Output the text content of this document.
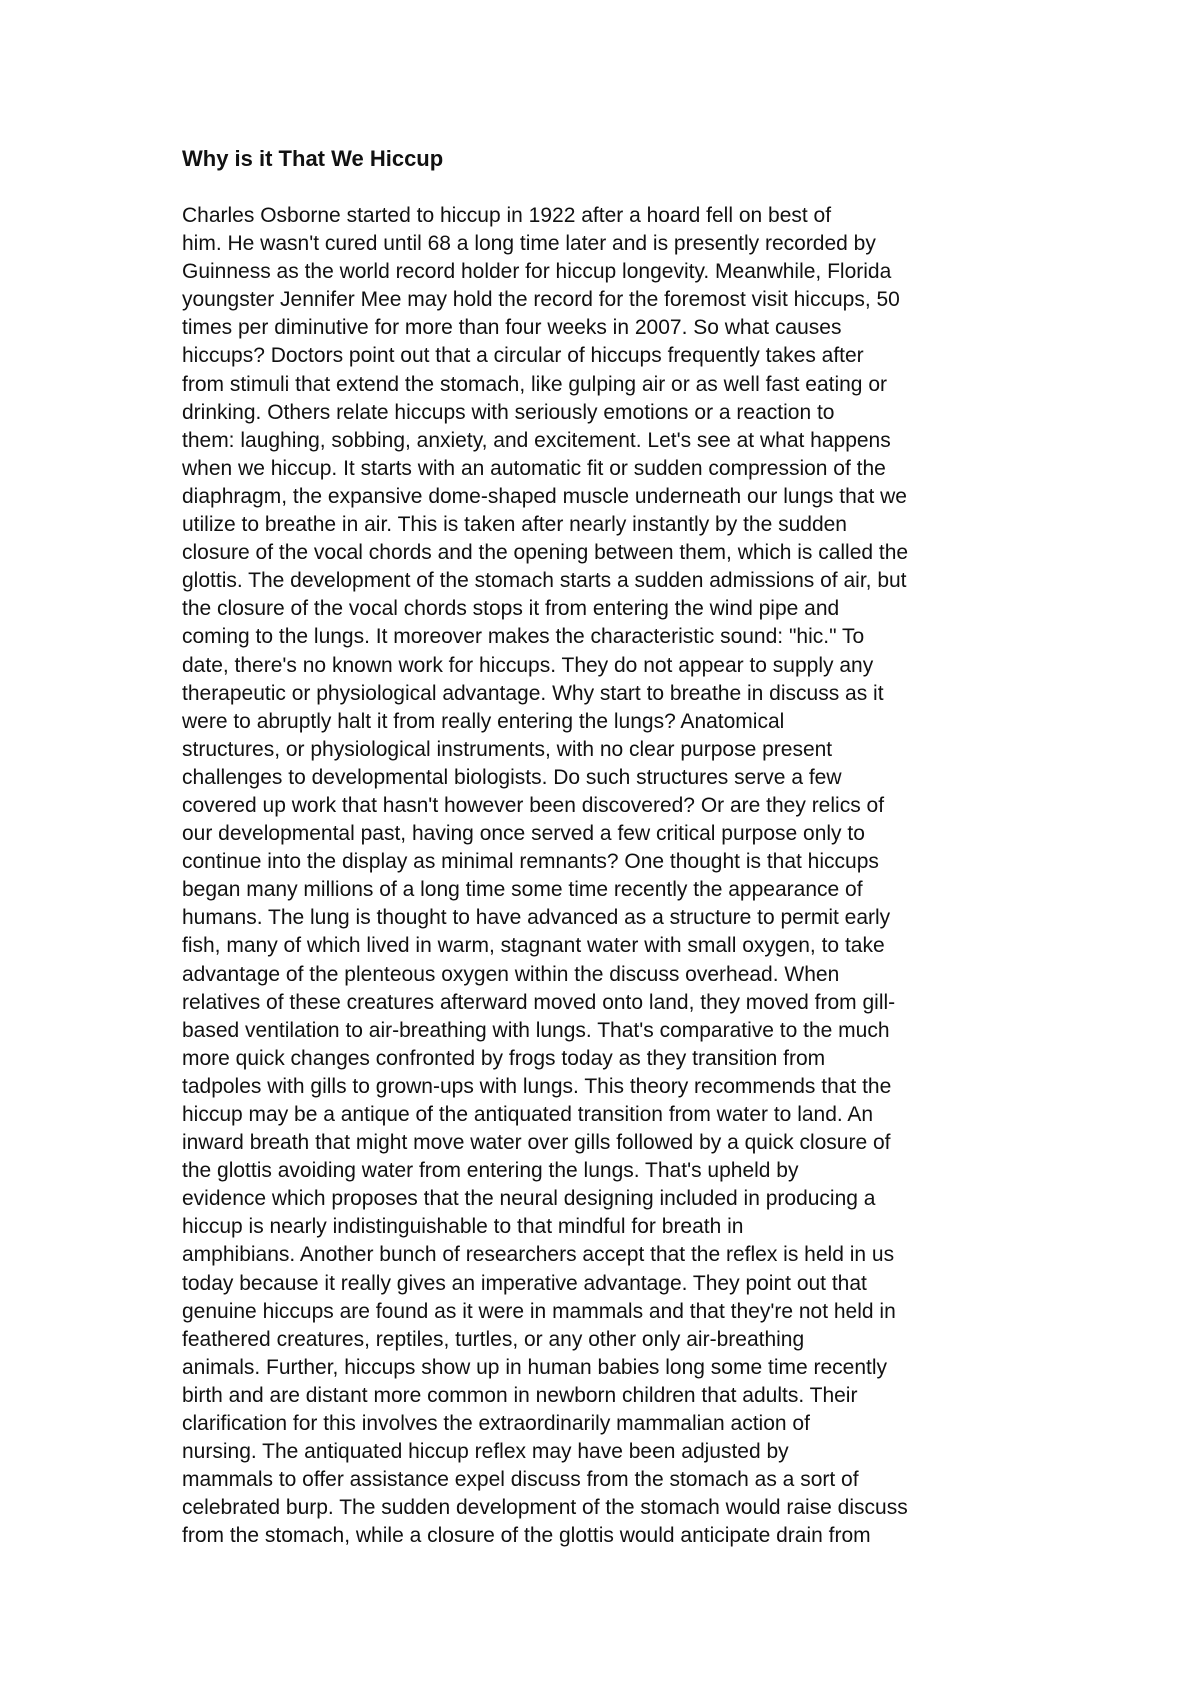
Why is it That We Hiccup
Charles Osborne started to hiccup in 1922 after a hoard fell on best of
him. He wasn't cured until 68 a long time later and is presently recorded by
Guinness as the world record holder for hiccup longevity. Meanwhile, Florida
youngster Jennifer Mee may hold the record for the foremost visit hiccups, 50
times per diminutive for more than four weeks in 2007. So what causes
hiccups? Doctors point out that a circular of hiccups frequently takes after
from stimuli that extend the stomach, like gulping air or as well fast eating or
drinking. Others relate hiccups with seriously emotions or a reaction to
them: laughing, sobbing, anxiety, and excitement. Let's see at what happens
when we hiccup. It starts with an automatic fit or sudden compression of the
diaphragm, the expansive dome-shaped muscle underneath our lungs that we
utilize to breathe in air. This is taken after nearly instantly by the sudden
closure of the vocal chords and the opening between them, which is called the
glottis. The development of the stomach starts a sudden admissions of air, but
the closure of the vocal chords stops it from entering the wind pipe and
coming to the lungs. It moreover makes the characteristic sound: "hic." To
date, there's no known work for hiccups. They do not appear to supply any
therapeutic or physiological advantage. Why start to breathe in discuss as it
were to abruptly halt it from really entering the lungs? Anatomical
structures, or physiological instruments, with no clear purpose present
challenges to developmental biologists. Do such structures serve a few
covered up work that hasn't however been discovered? Or are they relics of
our developmental past, having once served a few critical purpose only to
continue into the display as minimal remnants? One thought is that hiccups
began many millions of a long time some time recently the appearance of
humans. The lung is thought to have advanced as a structure to permit early
fish, many of which lived in warm, stagnant water with small oxygen, to take
advantage of the plenteous oxygen within the discuss overhead. When
relatives of these creatures afterward moved onto land, they moved from gill-
based ventilation to air-breathing with lungs. That's comparative to the much
more quick changes confronted by frogs today as they transition from
tadpoles with gills to grown-ups with lungs. This theory recommends that the
hiccup may be a antique of the antiquated transition from water to land. An
inward breath that might move water over gills followed by a quick closure of
the glottis avoiding water from entering the lungs. That's upheld by
evidence which proposes that the neural designing included in producing a
hiccup is nearly indistinguishable to that mindful for breath in
amphibians. Another bunch of researchers accept that the reflex is held in us
today because it really gives an imperative advantage. They point out that
genuine hiccups are found as it were in mammals and that they're not held in
feathered creatures, reptiles, turtles, or any other only air-breathing
animals. Further, hiccups show up in human babies long some time recently
birth and are distant more common in newborn children that adults. Their
clarification for this involves the extraordinarily mammalian action of
nursing. The antiquated hiccup reflex may have been adjusted by
mammals to offer assistance expel discuss from the stomach as a sort of
celebrated burp. The sudden development of the stomach would raise discuss
from the stomach, while a closure of the glottis would anticipate drain from
